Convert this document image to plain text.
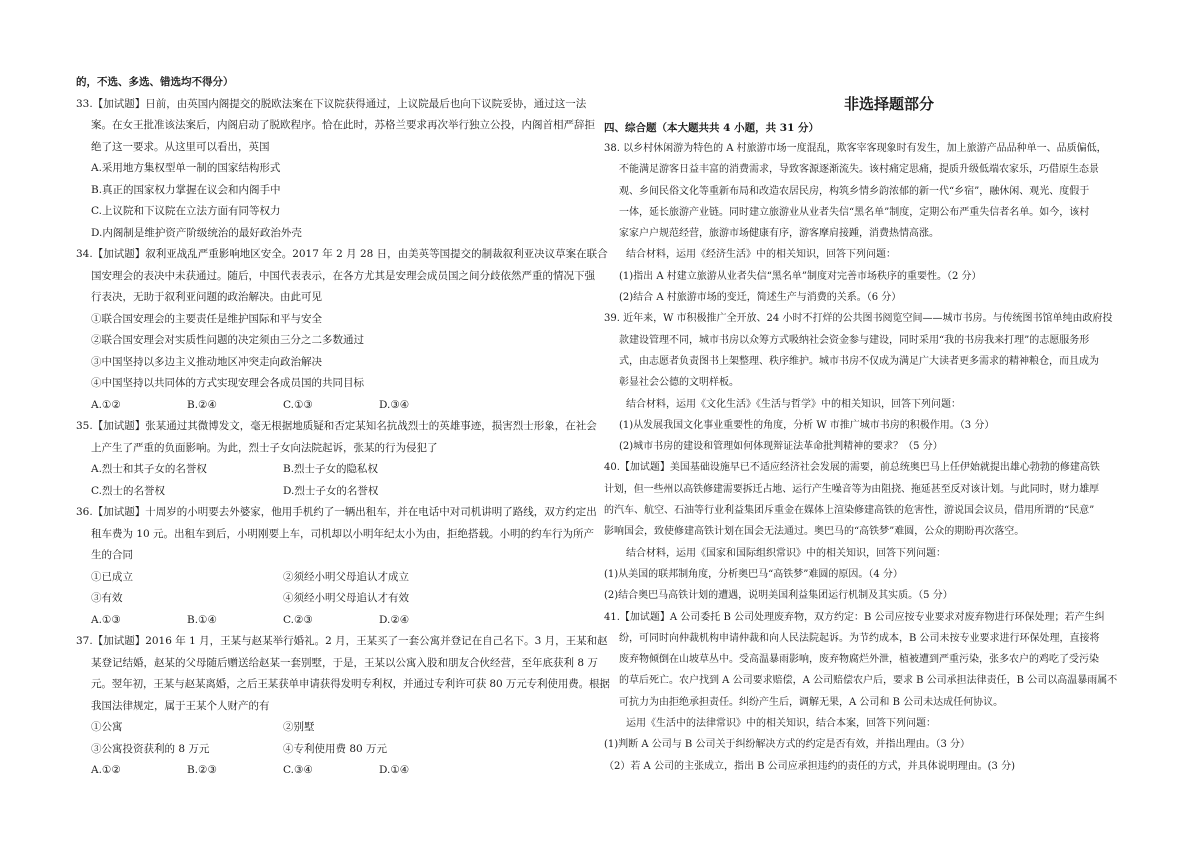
的，不选、多选、错选均不得分）
33.【加试题】日前，由英国内阁提交的脱欧法案在下议院获得通过，上议院最后也向下议院妥协，通过这一法
案。在女王批准该法案后，内阁启动了脱欧程序。恰在此时，苏格兰要求再次举行独立公投，内阁首相严辞拒
绝了这一要求。从这里可以看出，英国
A.采用地方集权型单一制的国家结构形式
B.真正的国家权力掌握在议会和内阁手中
C.上议院和下议院在立法方面有同等权力
D.内阁制是维护资产阶级统治的最好政治外壳
34.【加试题】叙利亚战乱严重影响地区安全。2017 年 2 月 28 日，由美英等国提交的制裁叙利亚决议草案在联合
国安理会的表决中未获通过。随后，中国代表表示，在各方尤其是安理会成员国之间分歧依然严重的情况下强
行表决，无助于叙利亚问题的政治解决。由此可见
①联合国安理会的主要责任是维护国际和平与安全
②联合国安理会对实质性问题的决定须由三分之二多数通过
③中国坚持以多边主义推动地区冲突走向政治解决
④中国坚持以共同体的方式实现安理会各成员国的共同目标
A.①②	B.②④	C.①③	D.③④
35.【加试题】张某通过其微博发文，毫无根据地质疑和否定某知名抗战烈士的英雄事迹，损害烈士形象，在社会
上产生了严重的负面影响。为此，烈士子女向法院起诉，张某的行为侵犯了
A.烈士和其子女的名誉权	B.烈士子女的隐私权
C.烈士的名誉权	D.烈士子女的名誉权
36.【加试题】十周岁的小明要去外婆家，他用手机约了一辆出租车，并在电话中对司机讲明了路线，双方约定出
租车费为 10 元。出租车到后，小明刚要上车，司机却以小明年纪太小为由，拒绝搭载。小明的约车行为所产
生的合同
①已成立	②须经小明父母追认才成立
③有效	④须经小明父母追认才有效
A.①③	B.①④	C.②③	D.②④
37.【加试题】2016 年 1 月，王某与赵某举行婚礼。2 月，王某买了一套公寓并登记在自己名下。3 月，王某和赵
某登记结婚，赵某的父母随后赠送给赵某一套别墅，于是，王某以公寓入股和朋友合伙经营，至年底获利 8 万
元。翌年初，王某与赵某离婚，之后王某获单申请获得发明专利权，并通过专利许可获 80 万元专利使用费。根据
我国法律规定，属于王某个人财产的有
①公寓	②别墅
③公寓投资获利的 8 万元	④专利使用费 80 万元
A.①②	B.②③	C.③④	D.①④
非选择题部分
四、综合题（本大题共共 4 小题，共 31 分）
38. 以乡村休闲游为特色的 A 村旅游市场一度混乱，欺客宰客现象时有发生，加上旅游产品品种单一、品质偏低，
不能满足游客日益丰富的消费需求，导致客源逐渐流失。该村痛定思痛，提质升级低端农家乐，巧借原生态景
观、乡间民俗文化等重新布局和改造农居民房，构筑乡情乡韵浓郁的新一代“乡宿”，融休闲、观光、度假于
一体，延长旅游产业链。同时建立旅游业从业者失信“黑名单”制度，定期公布严重失信者名单。如今，该村
家家户户规范经营，旅游市场健康有序，游客摩肩接踵，消费热情高涨。
结合材料，运用《经济生活》中的相关知识，回答下列问题：
(1)指出 A 村建立旅游从业者失信“黑名单”制度对完善市场秩序的重要性。（2 分）
(2)结合 A 村旅游市场的变迁，简述生产与消费的关系。（6 分）
39. 近年来，W 市积极推广全开放、24 小时不打烊的公共图书阅览空间——城市书房。与传统图书馆单纯由政府投
款建设管理不同，城市书房以众筹方式吸纳社会资金参与建设，同时采用“我的书房我来打理”的志愿服务形
式，由志愿者负责图书上架整理、秩序维护。城市书房不仅成为满足广大读者更多需求的精神粮仓，而且成为
彰显社会公德的文明样板。
结合材料，运用《文化生活》《生活与哲学》中的相关知识，回答下列问题：
(1)从发展我国文化事业重要性的角度，分析 W 市推广城市书房的积极作用。（3 分）
(2)城市书房的建设和管理如何体现辩证法革命批判精神的要求？（5 分）
40.【加试题】美国基础设施早已不适应经济社会发展的需要，前总统奥巴马上任伊始就提出雄心勃勃的修建高铁
计划，但一些州以高铁修建需要拆迁占地、运行产生噪音等为由阻挠、拖延甚至反对该计划。与此同时，财力雄厚
的汽车、航空、石油等行业利益集团斥重金在媒体上渲染修建高铁的危害性，游说国会议员，借用所谓的“民意”
影响国会，致使修建高铁计划在国会无法通过。奥巴马的“高铁梦”难圆，公众的期盼再次落空。
结合材料，运用《国家和国际组织常识》中的相关知识，回答下列问题：
(1)从美国的联邦制角度，分析奥巴马“高铁梦”难圆的原因。（4 分）
(2)结合奥巴马高铁计划的遭遇，说明美国利益集团运行机制及其实质。（5 分）
41.【加试题】A 公司委托 B 公司处理废弃物，双方约定：B 公司应按专业要求对废弃物进行环保处理；若产生纠
纷，可同时向仲裁机构申请仲裁和向人民法院起诉。为节约成本，B 公司未按专业要求进行环保处理，直接将
废弃物倾倒在山坡草丛中。受高温暴雨影响，废弃物腐烂外泄，植被遭到严重污染，张多农户的鸡吃了受污染
的草后死亡。农户找到 A 公司要求赔偿，A 公司赔偿农户后，要求 B 公司承担法律责任，B 公司以高温暴雨属不
可抗力为由拒绝承担责任。纠纷产生后，调解无果，A 公司和 B 公司未达成任何协议。
运用《生活中的法律常识》中的相关知识，结合本案，回答下列问题：
(1)判断 A 公司与 B 公司关于纠纷解决方式的约定是否有效，并指出理由。（3 分）
（2）若 A 公司的主张成立，指出 B 公司应承担违约的责任的方式，并具体说明理由。(3 分)
